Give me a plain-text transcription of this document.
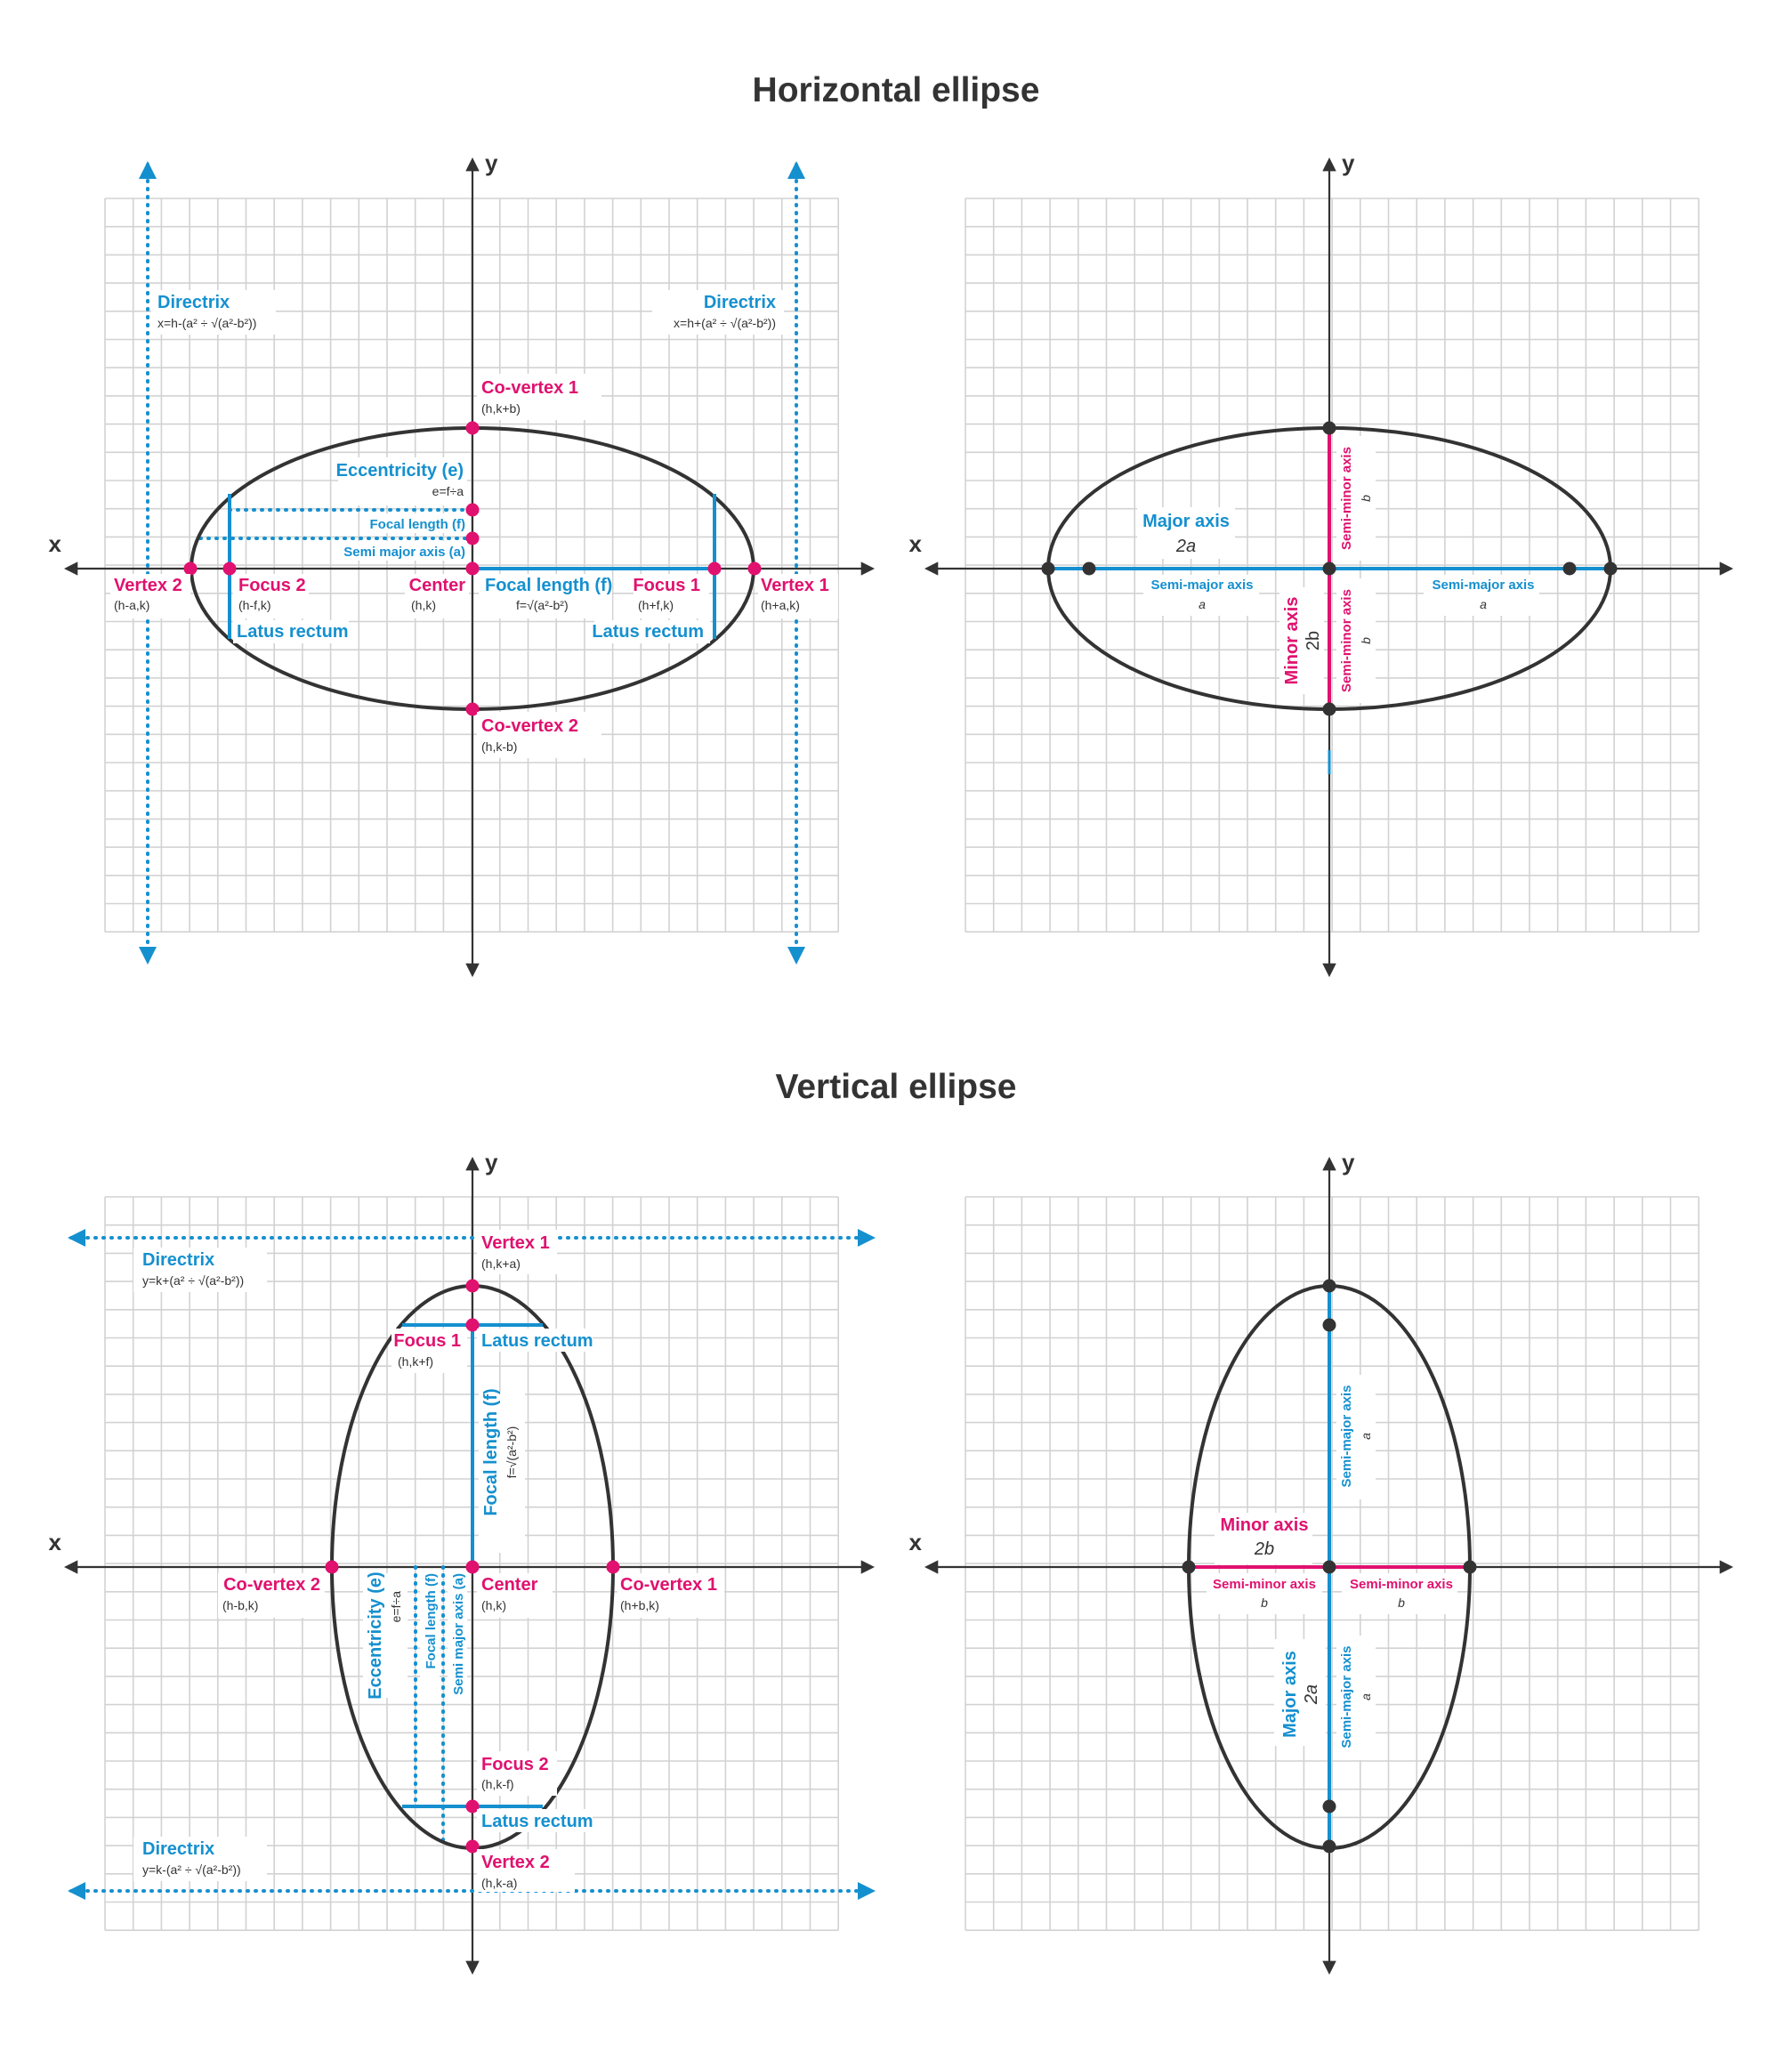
Horizontal ellipse
Vertical ellipse
x
y
Directrix
x=h-(a² ÷ √(a²-b²))
Directrix
x=h+(a² ÷ √(a²-b²))
Co-vertex 1
(h,k+b)
Co-vertex 2
(h,k-b)
Eccentricity (e)
e=f÷a
Focal length (f)
Semi major axis (a)
Vertex 2
(h-a,k)
Focus 2
(h-f,k)
Center
(h,k)
Focal length (f)
f=√(a²-b²)
Focus 1
(h+f,k)
Vertex 1
(h+a,k)
Latus rectum	Latus rectum
x
y
Major axis
2a
Semi-major axis
a
Semi-major axis
a
Semi-minor axis b
Semi-minor axis b
Minor axis 2b
x
y
Directrix
y=k+(a² ÷ √(a²-b²))
Directrix
y=k-(a² ÷ √(a²-b²))
Vertex 1
(h,k+a)
Vertex 2
(h,k-a)
Focus 1
(h,k+f)
Latus rectum
Focus 2
(h,k-f)
Latus rectum
Focal length (f) f=√(a²-b²)
Co-vertex 2
(h-b,k)
Center
(h,k)
Co-vertex 1
(h+b,k)
Eccentricity (e) e=f÷a Focal length (f) Semi major axis (a)
x
y
Minor axis
2b
Semi-minor axis
b
Semi-minor axis
b
Semi-major axis a
Semi-major axis a
Major axis 2a
